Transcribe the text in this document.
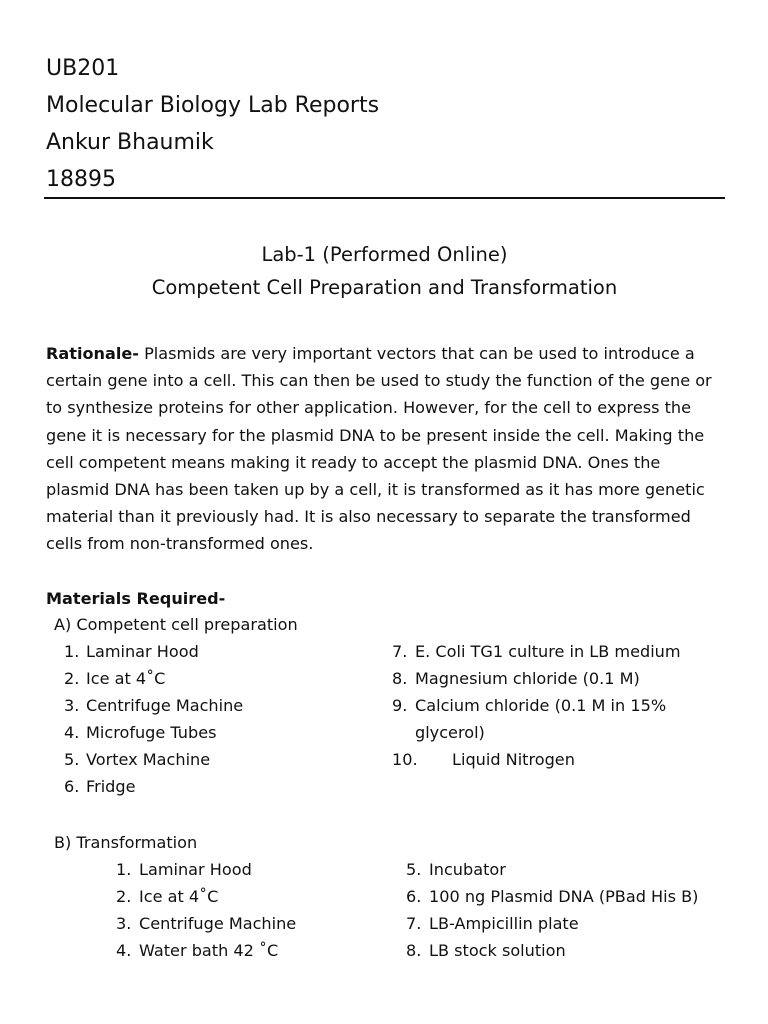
UB201
Molecular Biology Lab Reports
Ankur Bhaumik
18895
Lab-1 (Performed Online)
Competent Cell Preparation and Transformation
Rationale- Plasmids are very important vectors that can be used to introduce a
certain gene into a cell. This can then be used to study the function of the gene or
to synthesize proteins for other application. However, for the cell to express the
gene it is necessary for the plasmid DNA to be present inside the cell. Making the
cell competent means making it ready to accept the plasmid DNA. Ones the
plasmid DNA has been taken up by a cell, it is transformed as it has more genetic
material than it previously had. It is also necessary to separate the transformed
cells from non-transformed ones.
Materials Required-
A) Competent cell preparation
1. Laminar Hood
2. Ice at 4˚C
3. Centrifuge Machine
4. Microfuge Tubes
5. Vortex Machine
6. Fridge
7. E. Coli TG1 culture in LB medium
8. Magnesium chloride (0.1 M)
9. Calcium chloride (0.1 M in 15%
glycerol)
10. Liquid Nitrogen
B) Transformation
1. Laminar Hood
2. Ice at 4˚C
3. Centrifuge Machine
4. Water bath 42 ˚C
5. Incubator
6. 100 ng Plasmid DNA (PBad His B)
7. LB-Ampicillin plate
8. LB stock solution
